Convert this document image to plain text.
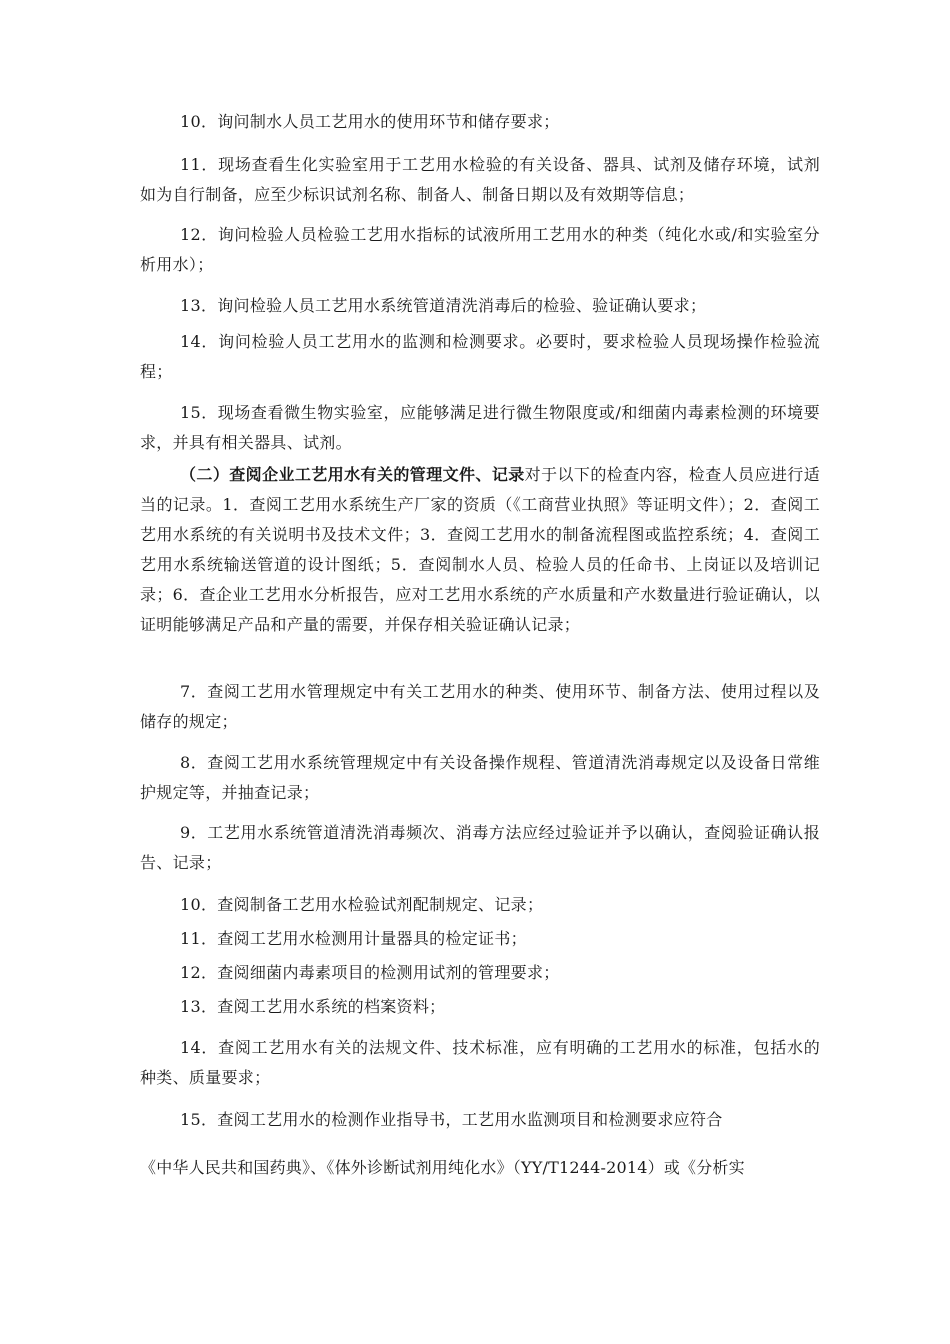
10．询问制水人员工艺用水的使用环节和储存要求；

11．现场查看生化实验室用于工艺用水检验的有关设备、器具、试剂及储存环境，试剂如为自行制备，应至少标识试剂名称、制备人、制备日期以及有效期等信息；

12．询问检验人员检验工艺用水指标的试液所用工艺用水的种类（纯化水或/和实验室分析用水）；

13．询问检验人员工艺用水系统管道清洗消毒后的检验、验证确认要求；

14．询问检验人员工艺用水的监测和检测要求。必要时，要求检验人员现场操作检验流程；

15．现场查看微生物实验室，应能够满足进行微生物限度或/和细菌内毒素检测的环境要求，并具有相关器具、试剂。

（二）查阅企业工艺用水有关的管理文件、记录对于以下的检查内容，检查人员应进行适当的记录。1．查阅工艺用水系统生产厂家的资质（《工商营业执照》等证明文件）；2．查阅工艺用水系统的有关说明书及技术文件；3．查阅工艺用水的制备流程图或监控系统；4．查阅工艺用水系统输送管道的设计图纸；5．查阅制水人员、检验人员的任命书、上岗证以及培训记录；6．查企业工艺用水分析报告，应对工艺用水系统的产水质量和产水数量进行验证确认，以证明能够满足产品和产量的需要，并保存相关验证确认记录；

7．查阅工艺用水管理规定中有关工艺用水的种类、使用环节、制备方法、使用过程以及储存的规定；

8．查阅工艺用水系统管理规定中有关设备操作规程、管道清洗消毒规定以及设备日常维护规定等，并抽查记录；

9．工艺用水系统管道清洗消毒频次、消毒方法应经过验证并予以确认，查阅验证确认报告、记录；

10．查阅制备工艺用水检验试剂配制规定、记录；

11．查阅工艺用水检测用计量器具的检定证书；

12．查阅细菌内毒素项目的检测用试剂的管理要求；

13．查阅工艺用水系统的档案资料；

14．查阅工艺用水有关的法规文件、技术标准，应有明确的工艺用水的标准，包括水的种类、质量要求；

15．查阅工艺用水的检测作业指导书，工艺用水监测项目和检测要求应符合

《中华人民共和国药典》、《体外诊断试剂用纯化水》（YY/T1244-2014）或《分析实
